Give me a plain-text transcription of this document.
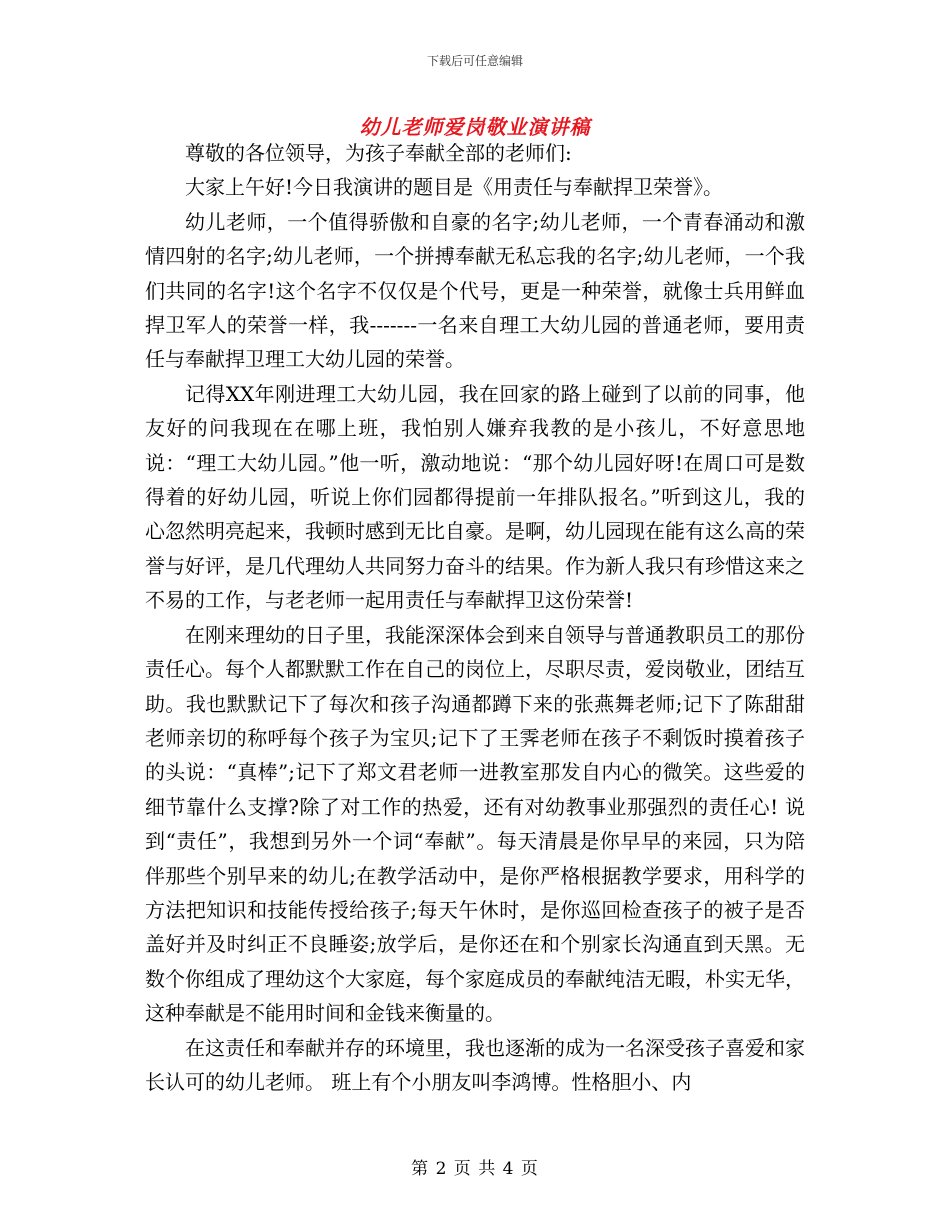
下载后可任意编辑
幼儿老师爱岗敬业演讲稿

尊敬的各位领导，为孩子奉献全部的老师们:

大家上午好!今日我演讲的题目是《用责任与奉献捍卫荣誉》。

幼儿老师，一个值得骄傲和自豪的名字;幼儿老师，一个青春涌动和激情四射的名字;幼儿老师，一个拼搏奉献无私忘我的名字;幼儿老师，一个我们共同的名字!这个名字不仅仅是个代号，更是一种荣誉，就像士兵用鲜血捍卫军人的荣誉一样，我-------一名来自理工大幼儿园的普通老师，要用责任与奉献捍卫理工大幼儿园的荣誉。

记得XX年刚进理工大幼儿园，我在回家的路上碰到了以前的同事，他友好的问我现在在哪上班，我怕别人嫌弃我教的是小孩儿，不好意思地说：“理工大幼儿园。”他一听，激动地说：“那个幼儿园好呀!在周口可是数得着的好幼儿园，听说上你们园都得提前一年排队报名。”听到这儿，我的心忽然明亮起来，我顿时感到无比自豪。是啊，幼儿园现在能有这么高的荣誉与好评，是几代理幼人共同努力奋斗的结果。作为新人我只有珍惜这来之不易的工作，与老老师一起用责任与奉献捍卫这份荣誉!

在刚来理幼的日子里，我能深深体会到来自领导与普通教职员工的那份责任心。每个人都默默工作在自己的岗位上，尽职尽责，爱岗敬业，团结互助。我也默默记下了每次和孩子沟通都蹲下来的张燕舞老师;记下了陈甜甜老师亲切的称呼每个孩子为宝贝;记下了王霁老师在孩子不剩饭时摸着孩子的头说：“真棒”;记下了郑文君老师一进教室那发自内心的微笑。这些爱的细节靠什么支撑?除了对工作的热爱，还有对幼教事业那强烈的责任心! 说到“责任”，我想到另外一个词“奉献”。每天清晨是你早早的来园，只为陪伴那些个别早来的幼儿;在教学活动中，是你严格根据教学要求，用科学的方法把知识和技能传授给孩子;每天午休时，是你巡回检查孩子的被子是否盖好并及时纠正不良睡姿;放学后，是你还在和个别家长沟通直到天黑。无数个你组成了理幼这个大家庭，每个家庭成员的奉献纯洁无暇，朴实无华，这种奉献是不能用时间和金钱来衡量的。

在这责任和奉献并存的环境里，我也逐渐的成为一名深受孩子喜爱和家长认可的幼儿老师。 班上有个小朋友叫李鸿博。性格胆小、内

第 2 页 共 4 页
